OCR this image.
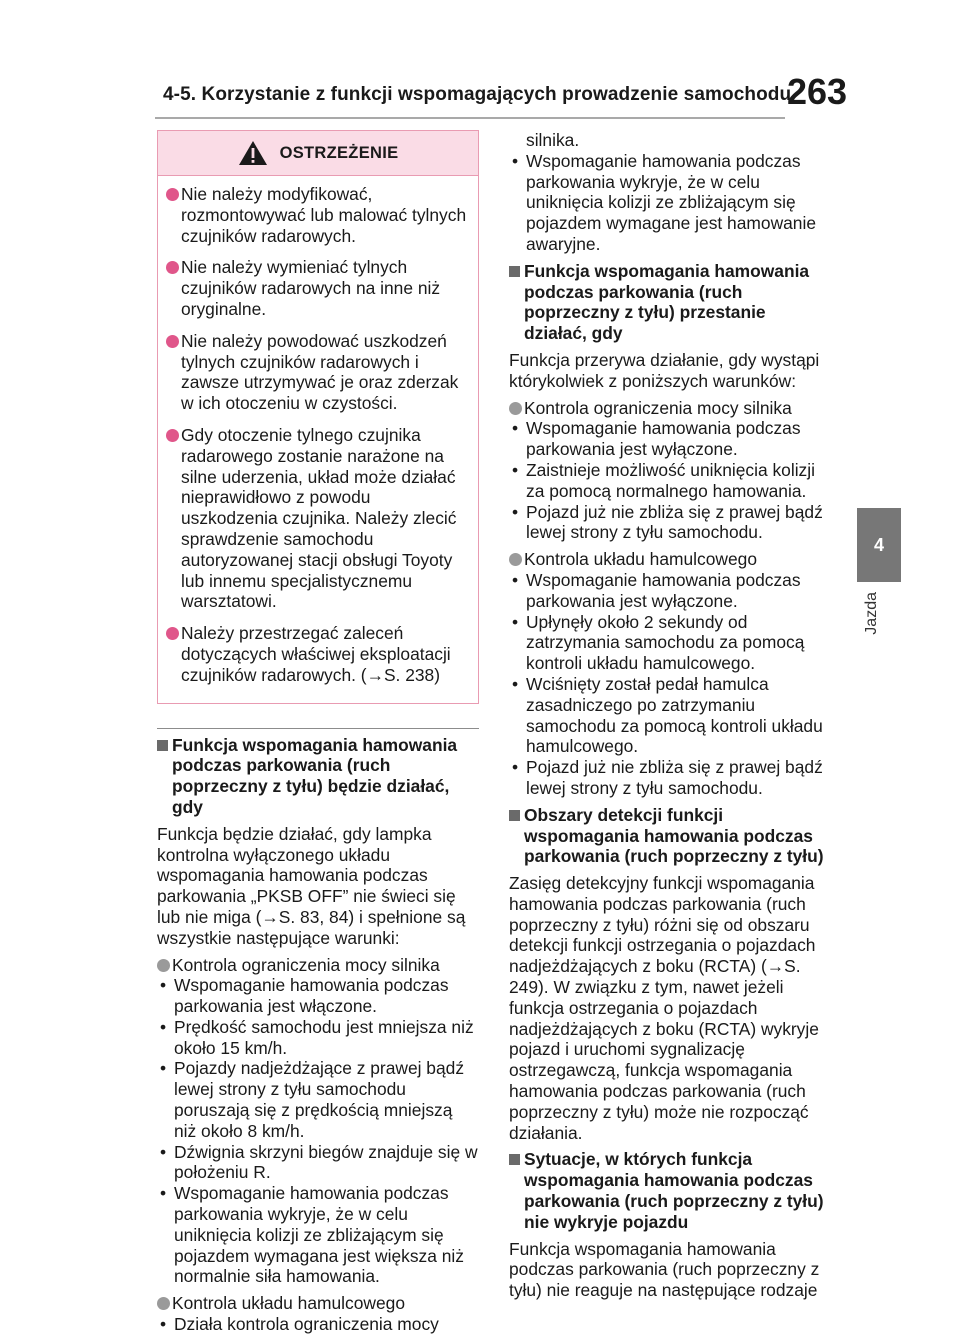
4-5. Korzystanie z funkcji wspomagających prowadzenie samochodu
263
4
Jazda
OSTRZEŻENIE
Nie należy modyfikować, rozmontowywać lub malować tylnych czujników radarowych.
Nie należy wymieniać tylnych czujników radarowych na inne niż oryginalne.
Nie należy powodować uszkodzeń tylnych czujników radarowych i zawsze utrzymywać je oraz zderzak w ich otoczeniu w czystości.
Gdy otoczenie tylnego czujnika radarowego zostanie narażone na silne uderzenia, układ może działać nieprawidłowo z powodu uszkodzenia czujnika. Należy zlecić sprawdzenie samochodu autoryzowanej stacji obsługi Toyoty lub innemu specjalistycznemu warsztatowi.
Należy przestrzegać zaleceń dotyczących właściwej eksploatacji czujników radarowych. (→S. 238)
Funkcja wspomagania hamowania podczas parkowania (ruch poprzeczny z tyłu) będzie działać, gdy

Funkcja będzie działać, gdy lampka kontrolna wyłączonego układu wspomagania hamowania podczas parkowania „PKSB OFF” nie świeci się lub nie miga (→S. 83, 84) i spełnione są wszystkie następujące warunki:

Kontrola ograniczenia mocy silnika
• Wspomaganie hamowania podczas parkowania jest włączone.
• Prędkość samochodu jest mniejsza niż około 15 km/h.
• Pojazdy nadjeżdżające z prawej bądź lewej strony z tyłu samochodu poruszają się z prędkością mniejszą niż około 8 km/h.
• Dźwignia skrzyni biegów znajduje się w położeniu R.
• Wspomaganie hamowania podczas parkowania wykryje, że w celu uniknięcia kolizji ze zbliżającym się pojazdem wymagana jest większa niż normalnie siła hamowania.
Kontrola układu hamulcowego
• Działa kontrola ograniczenia mocy
silnika.
• Wspomaganie hamowania podczas parkowania wykryje, że w celu uniknięcia kolizji ze zbliżającym się pojazdem wymagane jest hamowanie awaryjne.
Funkcja wspomagania hamowania podczas parkowania (ruch poprzeczny z tyłu) przestanie działać, gdy

Funkcja przerywa działanie, gdy wystąpi którykolwiek z poniższych warunków:

Kontrola ograniczenia mocy silnika
• Wspomaganie hamowania podczas parkowania jest wyłączone.
• Zaistnieje możliwość uniknięcia kolizji za pomocą normalnego hamowania.
• Pojazd już nie zbliża się z prawej bądź lewej strony z tyłu samochodu.
Kontrola układu hamulcowego
• Wspomaganie hamowania podczas parkowania jest wyłączone.
• Upłynęły około 2 sekundy od zatrzymania samochodu za pomocą kontroli układu hamulcowego.
• Wciśnięty został pedał hamulca zasadniczego po zatrzymaniu samochodu za pomocą kontroli układu hamulcowego.
• Pojazd już nie zbliża się z prawej bądź lewej strony z tyłu samochodu.
Obszary detekcji funkcji wspomagania hamowania podczas parkowania (ruch poprzeczny z tyłu)

Zasięg detekcyjny funkcji wspomagania hamowania podczas parkowania (ruch poprzeczny z tyłu) różni się od obszaru detekcji funkcji ostrzegania o pojazdach nadjeżdżających z boku (RCTA) (→S. 249). W związku z tym, nawet jeżeli funkcja ostrzegania o pojazdach nadjeżdżających z boku (RCTA) wykryje pojazd i uruchomi sygnalizację ostrzegawczą, funkcja wspomagania hamowania podczas parkowania (ruch poprzeczny z tyłu) może nie rozpocząć działania.

Sytuacje, w których funkcja wspomagania hamowania podczas parkowania (ruch poprzeczny z tyłu) nie wykryje pojazdu

Funkcja wspomagania hamowania podczas parkowania (ruch poprzeczny z tyłu) nie reaguje na następujące rodzaje
